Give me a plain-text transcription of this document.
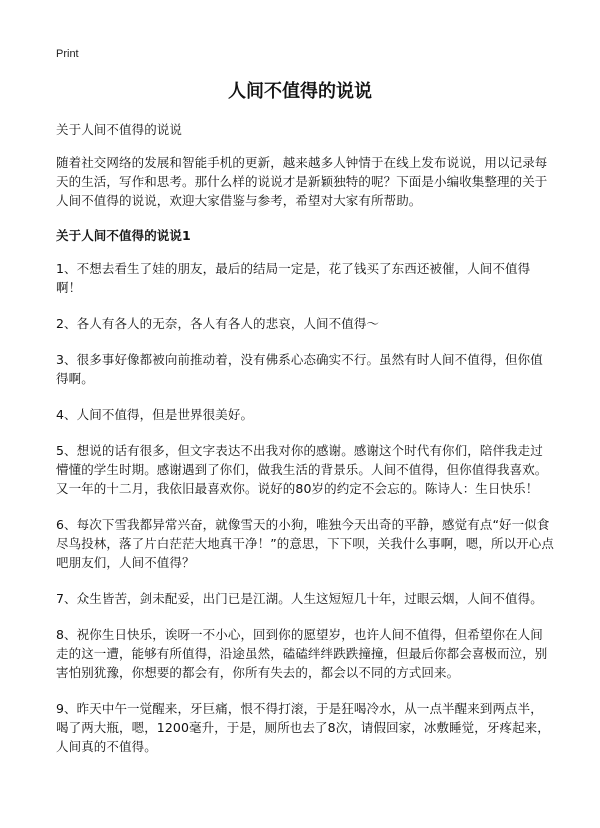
Print
人间不值得的说说

关于人间不值得的说说

随着社交网络的发展和智能手机的更新，越来越多人钟情于在线上发布说说，用以记录每天的生活，写作和思考。那什么样的说说才是新颖独特的呢？下面是小编收集整理的关于人间不值得的说说，欢迎大家借鉴与参考，希望对大家有所帮助。

关于人间不值得的说说1

1、不想去看生了娃的朋友，最后的结局一定是，花了钱买了东西还被催，人间不值得啊！

2、各人有各人的无奈，各人有各人的悲哀，人间不值得～

3、很多事好像都被向前推动着，没有佛系心态确实不行。虽然有时人间不值得，但你值得啊。

4、人间不值得，但是世界很美好。

5、想说的话有很多，但文字表达不出我对你的感谢。感谢这个时代有你们，陪伴我走过懵懂的学生时期。感谢遇到了你们，做我生活的背景乐。人间不值得，但你值得我喜欢。又一年的十二月，我依旧最喜欢你。说好的80岁的约定不会忘的。陈诗人：生日快乐！

6、每次下雪我都异常兴奋，就像雪天的小狗，唯独今天出奇的平静，感觉有点“好一似食尽鸟投林，落了片白茫茫大地真干净！”的意思，下下呗，关我什么事啊，嗯，所以开心点吧朋友们，人间不值得？

7、众生皆苦，剑未配妥，出门已是江湖。人生这短短几十年，过眼云烟，人间不值得。

8、祝你生日快乐，诶呀一不小心，回到你的愿望岁，也许人间不值得，但希望你在人间走的这一遭，能够有所值得，沿途虽然，磕磕绊绊跌跌撞撞，但最后你都会喜极而泣，别害怕别犹豫，你想要的都会有，你所有失去的，都会以不同的方式回来。

9、昨天中午一觉醒来，牙巨痛，恨不得打滚，于是狂喝冷水，从一点半醒来到两点半，喝了两大瓶，嗯，1200毫升，于是，厕所也去了8次，请假回家，冰敷睡觉，牙疼起来，人间真的不值得。
